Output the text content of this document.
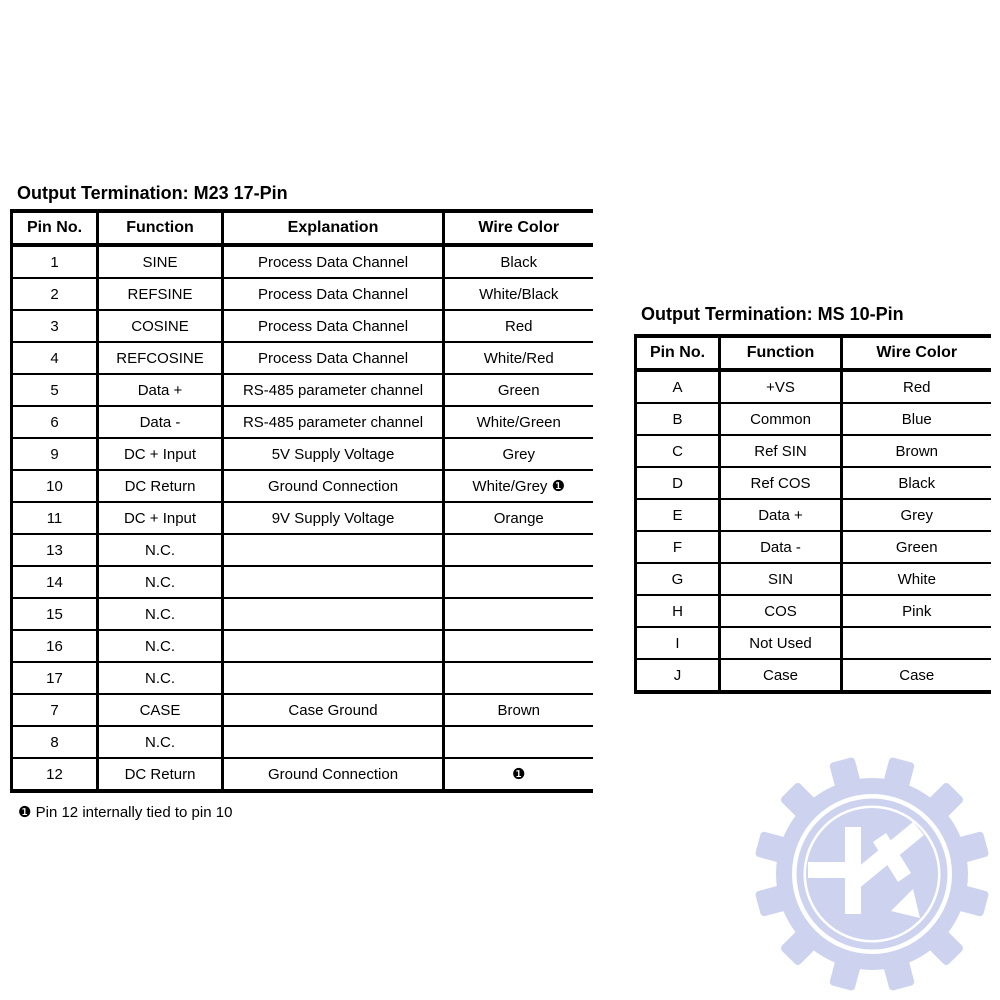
Output Termination: M23 17-Pin
Pin No.	Function	Explanation	Wire Color
1	SINE	Process Data Channel	Black
2	REFSINE	Process Data Channel	White/Black
3	COSINE	Process Data Channel	Red
4	REFCOSINE	Process Data Channel	White/Red
5	Data +	RS-485 parameter channel	Green
6	Data -	RS-485 parameter channel	White/Green
9	DC + Input	5V Supply Voltage	Grey
10	DC Return	Ground Connection	White/Grey ❶
11	DC + Input	9V Supply Voltage	Orange
13	N.C.		
14	N.C.		
15	N.C.		
16	N.C.		
17	N.C.		
7	CASE	Case Ground	Brown
8	N.C.		
12	DC Return	Ground Connection	❶
❶ Pin 12 internally tied to pin 10
Output Termination: MS 10-Pin
Pin No.	Function	Wire Color
A	+VS	Red
B	Common	Blue
C	Ref SIN	Brown
D	Ref COS	Black
E	Data +	Grey
F	Data -	Green
G	SIN	White
H	COS	Pink
I	Not Used	
J	Case	Case
